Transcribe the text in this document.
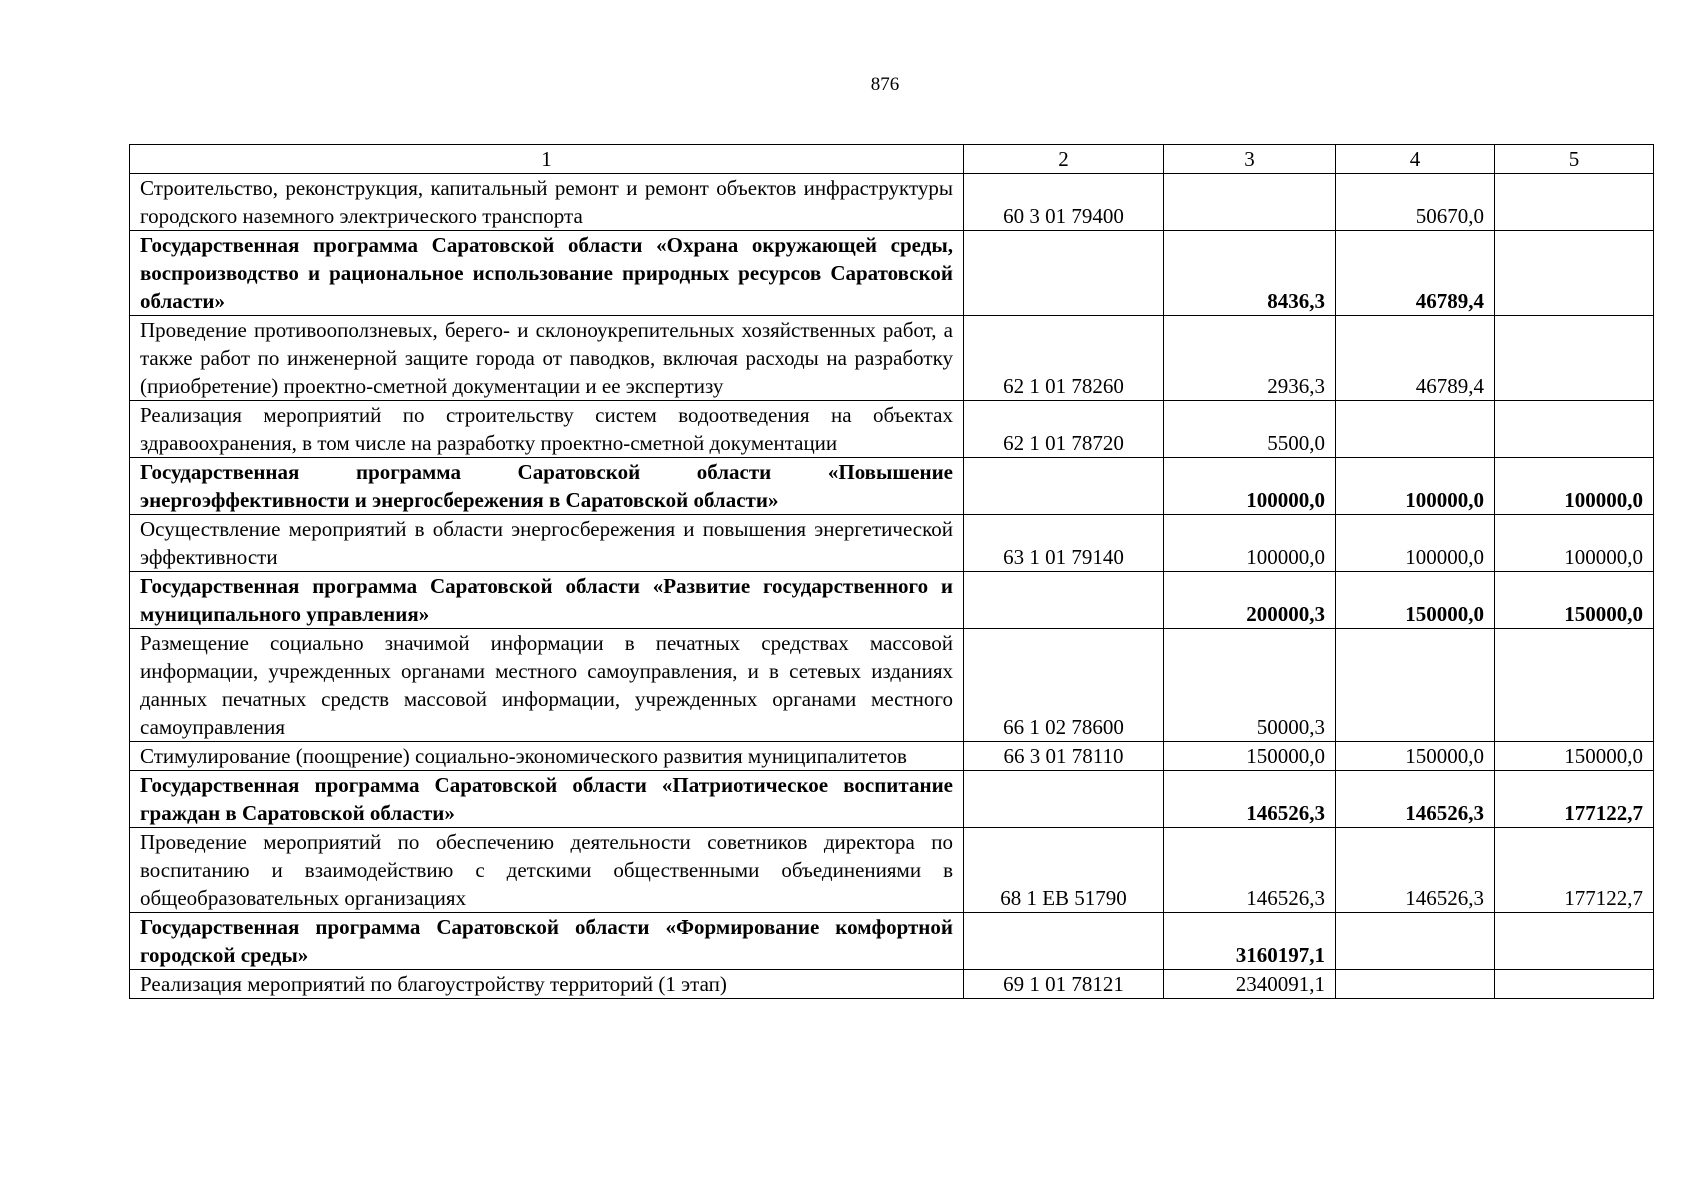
876
1	2	3	4	5
Строительство, реконструкция, капитальный ремонт и ремонт объектов инфраструктуры городского наземного электрического транспорта	60 3 01 79400		50670,0	
Государственная программа Саратовской области «Охрана окружающей среды, воспроизводство и рациональное использование природных ресурсов Саратовской области»		8436,3	46789,4	
Проведение противооползневых, берего- и склоноукрепительных хозяйственных работ, а также работ по инженерной защите города от паводков, включая расходы на разработку (приобретение) проектно-сметной документации и ее экспертизу	62 1 01 78260	2936,3	46789,4	
Реализация мероприятий по строительству систем водоотведения на объектах здравоохранения, в том числе на разработку проектно-сметной документации	62 1 01 78720	5500,0		
Государственная программа Саратовской области «Повышение энергоэффективности и энергосбережения в Саратовской области»		100000,0	100000,0	100000,0
Осуществление мероприятий в области энергосбережения и повышения энергетической эффективности	63 1 01 79140	100000,0	100000,0	100000,0
Государственная программа Саратовской области «Развитие государственного и муниципального управления»		200000,3	150000,0	150000,0
Размещение социально значимой информации в печатных средствах массовой информации, учрежденных органами местного самоуправления, и в сетевых изданиях данных печатных средств массовой информации, учрежденных органами местного самоуправления	66 1 02 78600	50000,3		
Стимулирование (поощрение) социально-экономического развития муниципалитетов	66 3 01 78110	150000,0	150000,0	150000,0
Государственная программа Саратовской области «Патриотическое воспитание граждан в Саратовской области»		146526,3	146526,3	177122,7
Проведение мероприятий по обеспечению деятельности советников директора по воспитанию и взаимодействию с детскими общественными объединениями в общеобразовательных организациях	68 1 ЕВ 51790	146526,3	146526,3	177122,7
Государственная программа Саратовской области «Формирование комфортной городской среды»		3160197,1		
Реализация мероприятий по благоустройству территорий (1 этап)	69 1 01 78121	2340091,1		
